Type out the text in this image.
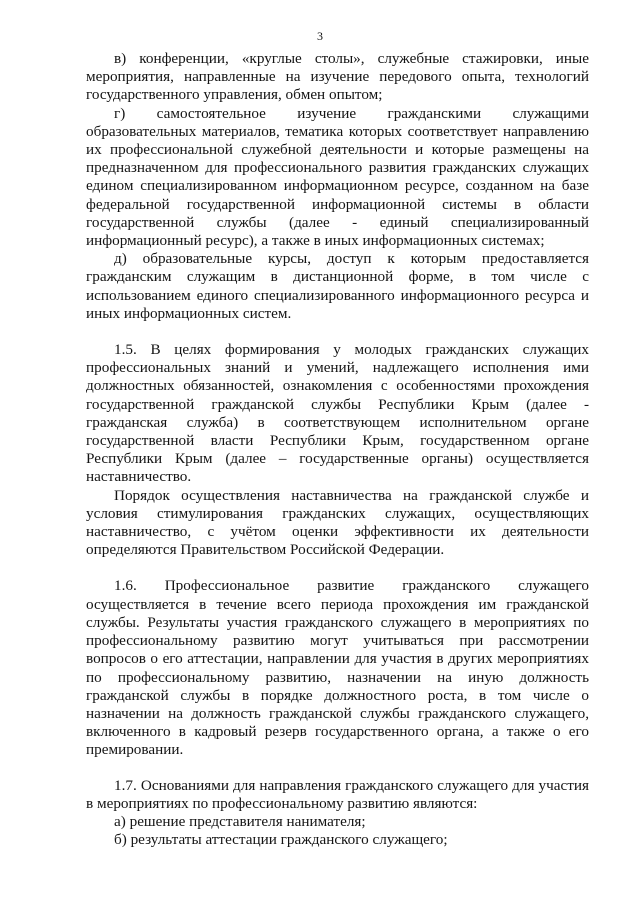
3

в) конференции, «круглые столы», служебные стажировки, иные мероприятия, направленные на изучение передового опыта, технологий государственного управления, обмен опытом;

г) самостоятельное изучение гражданскими служащими образовательных материалов, тематика которых соответствует направлению их профессиональной служебной деятельности и которые размещены на предназначенном для профессионального развития гражданских служащих едином специализированном информационном ресурсе, созданном на базе федеральной государственной информационной системы в области государственной службы (далее - единый специализированный информационный ресурс), а также в иных информационных системах;

д) образовательные курсы, доступ к которым предоставляется гражданским служащим в дистанционной форме, в том числе с использованием единого специализированного информационного ресурса и иных информационных систем.

1.5. В целях формирования у молодых гражданских служащих профессиональных знаний и умений, надлежащего исполнения ими должностных обязанностей, ознакомления с особенностями прохождения государственной гражданской службы Республики Крым (далее - гражданская служба) в соответствующем исполнительном органе государственной власти Республики Крым, государственном органе Республики Крым (далее – государственные органы) осуществляется наставничество.

Порядок осуществления наставничества на гражданской службе и условия стимулирования гражданских служащих, осуществляющих наставничество, с учётом оценки эффективности их деятельности определяются Правительством Российской Федерации.

1.6. Профессиональное развитие гражданского служащего осуществляется в течение всего периода прохождения им гражданской службы. Результаты участия гражданского служащего в мероприятиях по профессиональному развитию могут учитываться при рассмотрении вопросов о его аттестации, направлении для участия в других мероприятиях по профессиональному развитию, назначении на иную должность гражданской службы в порядке должностного роста, в том числе о назначении на должность гражданской службы гражданского служащего, включенного в кадровый резерв государственного органа, а также о его премировании.

1.7. Основаниями для направления гражданского служащего для участия в мероприятиях по профессиональному развитию являются:

а) решение представителя нанимателя;

б) результаты аттестации гражданского служащего;
